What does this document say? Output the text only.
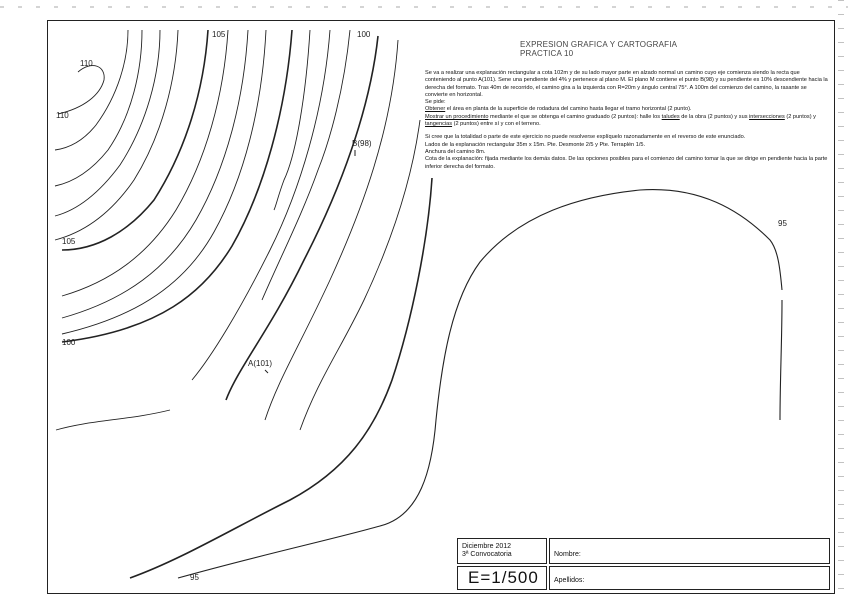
110
105	100
110
105
100
95
95
B(98)
A(101)
EXPRESION GRAFICA Y CARTOGRAFIA
PRACTICA 10

Se va a realizar una explanación rectangular a cota 102m y de su lado mayor parte en alzado normal un camino cuyo eje comienza siendo la recta que conteniendo al punto A(101). Sene una pendiente del 4% y pertenece al plano M. El plano M contiene el punto B(98) y su pendiente es 10% descendiente hacia la derecha del formato. Tras 40m de recorrido, el camino gira a la izquierda con R=20m y ángulo central 75°. A 100m del comienzo del camino, la rasante se convierte en horizontal.

Se pide:

Obtener el área en planta de la superficie de rodadura del camino hasta llegar el tramo horizontal (2 punto).

Mostrar un procedimiento mediante el que se obtenga el camino graduado (2 puntos): halle los taludes de la obra (2 puntos) y sus intersecciones (2 puntos) y tangencias (2 puntos) entre sí y con el terreno.

Si cree que la totalidad o parte de este ejercicio no puede resolverse explíquelo razonadamente en el reverso de este enunciado.

Lados de la explanación rectangular 35m x 15m. Pte. Desmonte 2/5 y Pte. Terraplén 1/5.

Anchura del camino 8m.

Cota de la explanación: fijada mediante los demás datos. De las opciones posibles para el comienzo del camino tomar la que se dirige en pendiente hacia la parte inferior derecha del formato.

Diciembre 2012
3ª Convocatoria	Nombre:
E=1/500	Apellidos:
